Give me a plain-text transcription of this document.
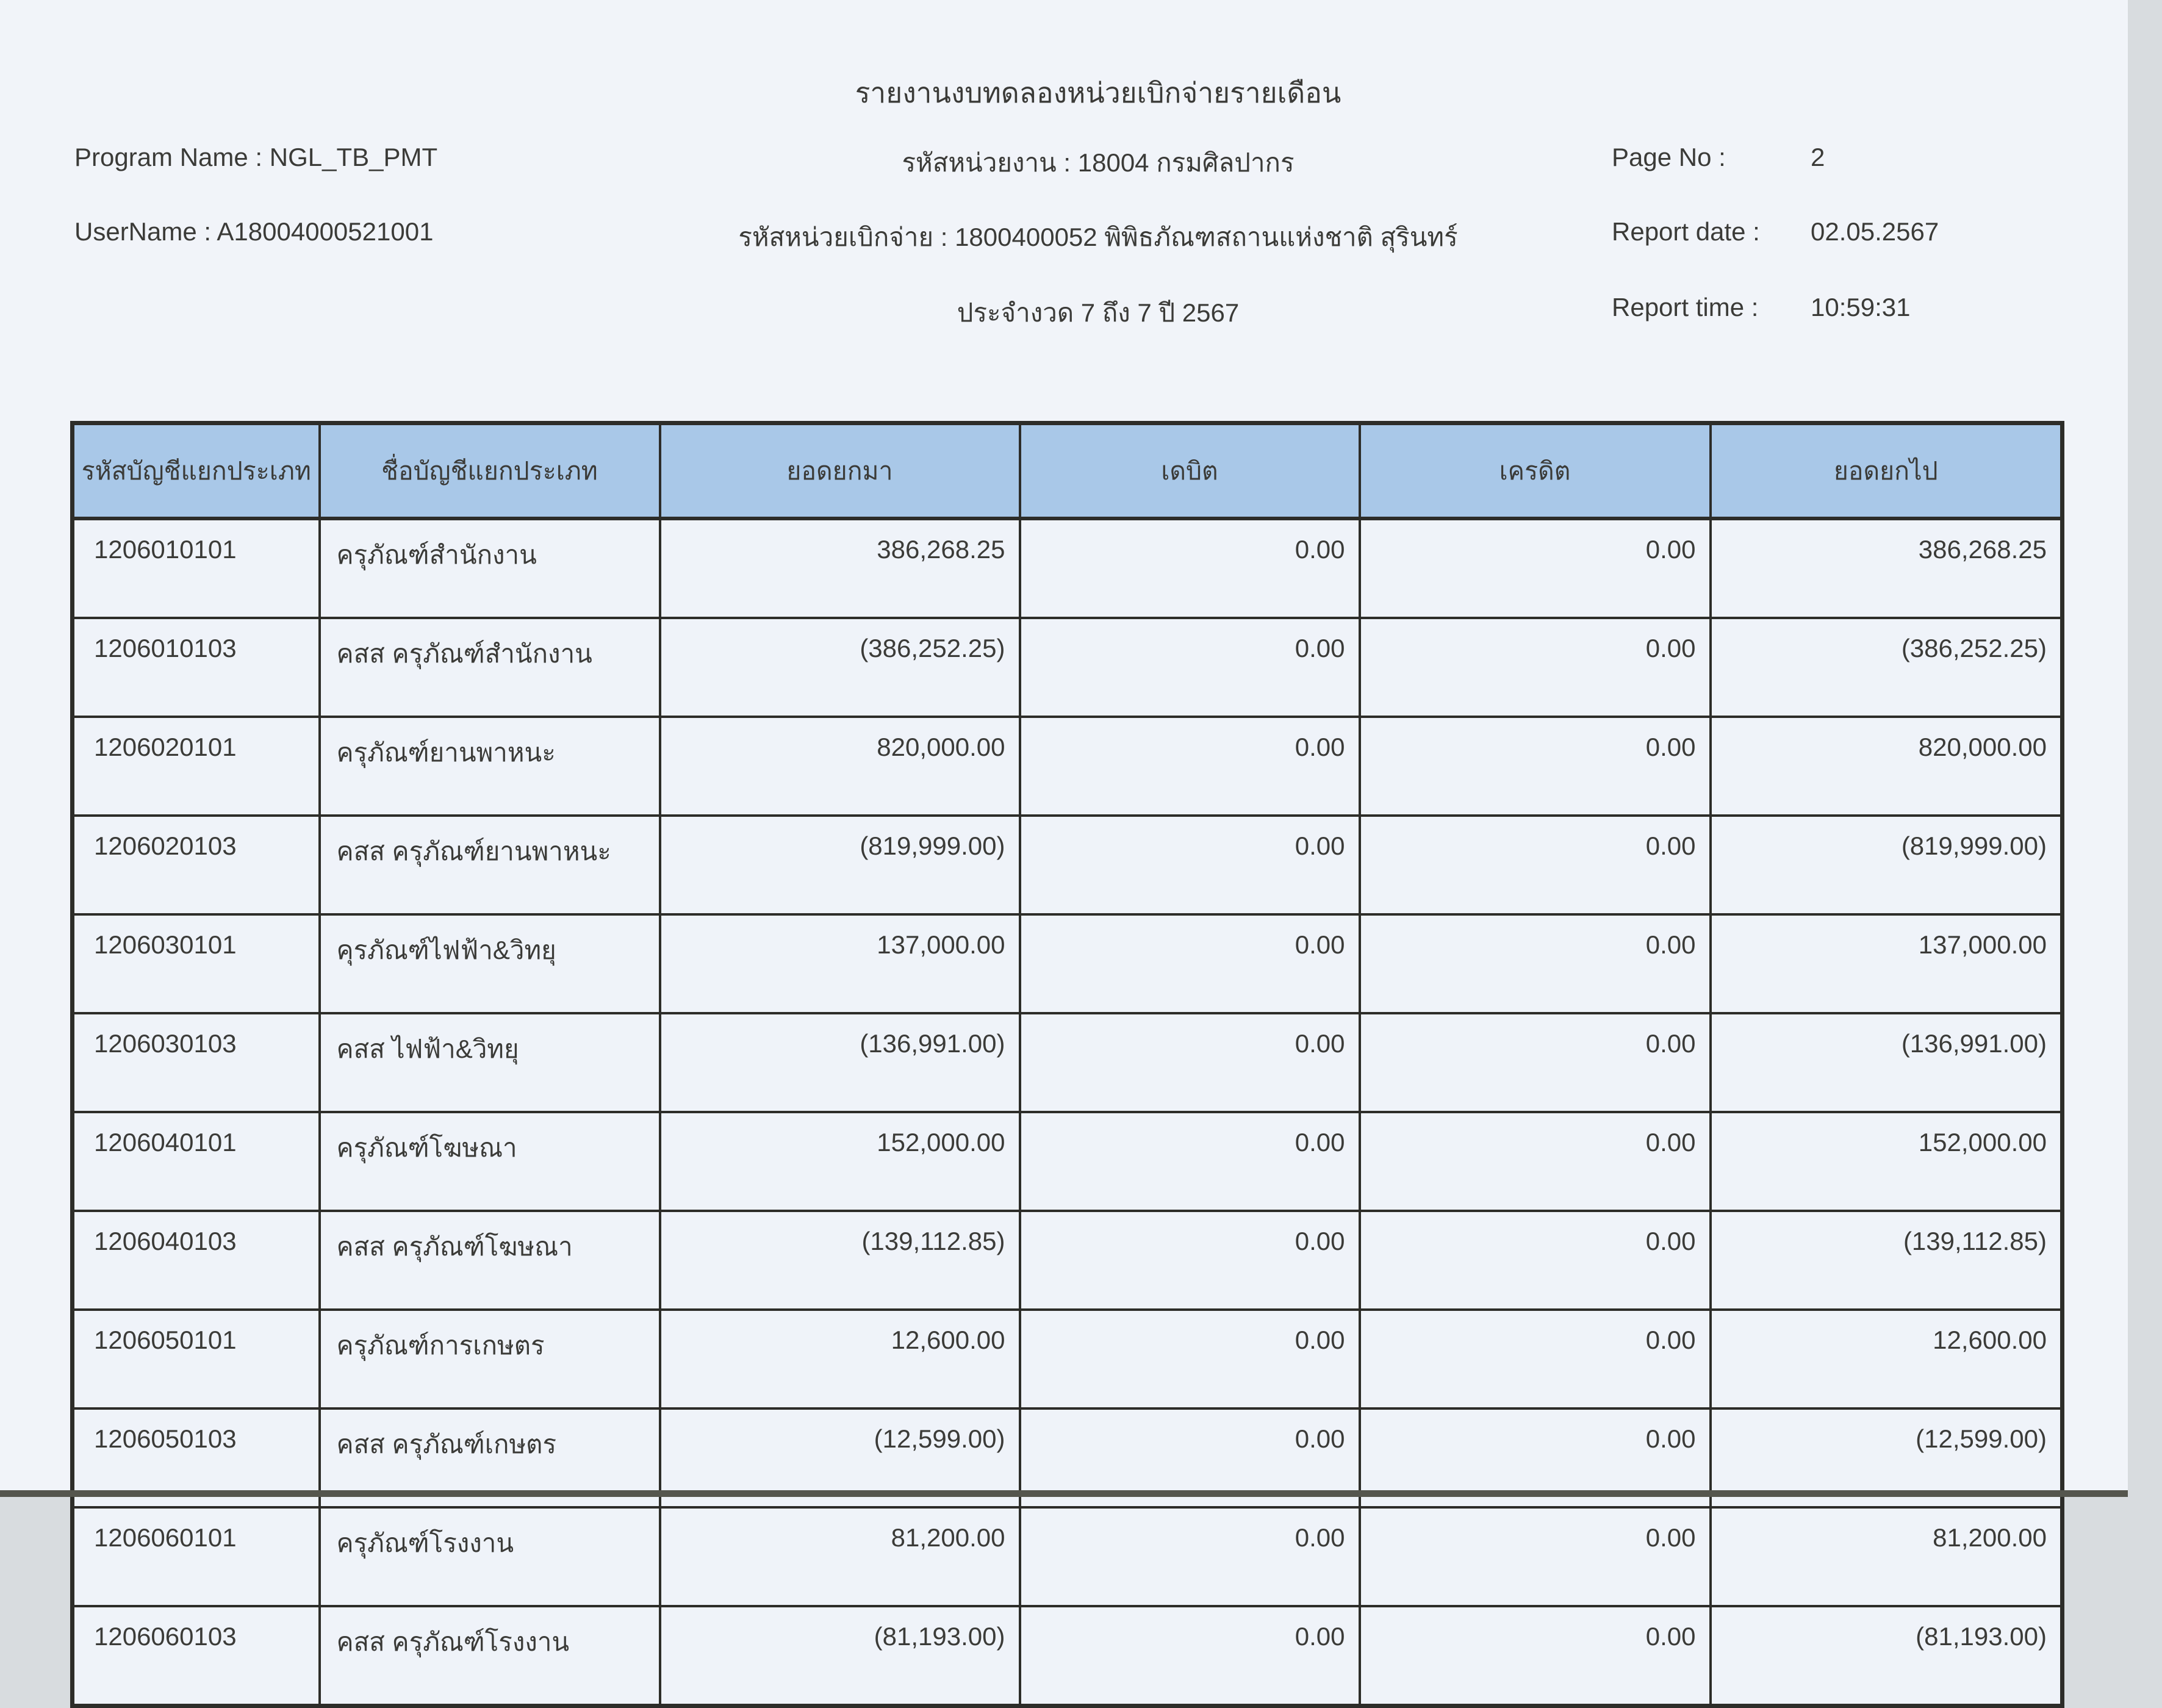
รายงานงบทดลองหน่วยเบิกจ่ายรายเดือน
Program Name : NGL_TB_PMT	รหัสหน่วยงาน : 18004 กรมศิลปากร	Page No :	2
UserName : A18004000521001	รหัสหน่วยเบิกจ่าย : 1800400052 พิพิธภัณฑสถานแห่งชาติ สุรินทร์	Report date : 02.05.2567
ประจำงวด 7 ถึง 7 ปี 2567	Report time : 10:59:31
รหัสบัญชีแยกประเภท	ชื่อบัญชีแยกประเภท	ยอดยกมา	เดบิต	เครดิต	ยอดยกไป
1206010101	ครุภัณฑ์สำนักงาน	386,268.25	0.00	0.00	386,268.25
1206010103	คสส ครุภัณฑ์สำนักงาน	(386,252.25)	0.00	0.00	(386,252.25)
1206020101	ครุภัณฑ์ยานพาหนะ	820,000.00	0.00	0.00	820,000.00
1206020103	คสส ครุภัณฑ์ยานพาหนะ	(819,999.00)	0.00	0.00	(819,999.00)
1206030101	คุรภัณฑ์ไฟฟ้า&วิทยุ	137,000.00	0.00	0.00	137,000.00
1206030103	คสส ไฟฟ้า&วิทยุ	(136,991.00)	0.00	0.00	(136,991.00)
1206040101	ครุภัณฑ์โฆษณา	152,000.00	0.00	0.00	152,000.00
1206040103	คสส ครุภัณฑ์โฆษณา	(139,112.85)	0.00	0.00	(139,112.85)
1206050101	ครุภัณฑ์การเกษตร	12,600.00	0.00	0.00	12,600.00
1206050103	คสส ครุภัณฑ์เกษตร	(12,599.00)	0.00	0.00	(12,599.00)
1206060101	ครุภัณฑ์โรงงาน	81,200.00	0.00	0.00	81,200.00
1206060103	คสส ครุภัณฑ์โรงงาน	(81,193.00)	0.00	0.00	(81,193.00)
